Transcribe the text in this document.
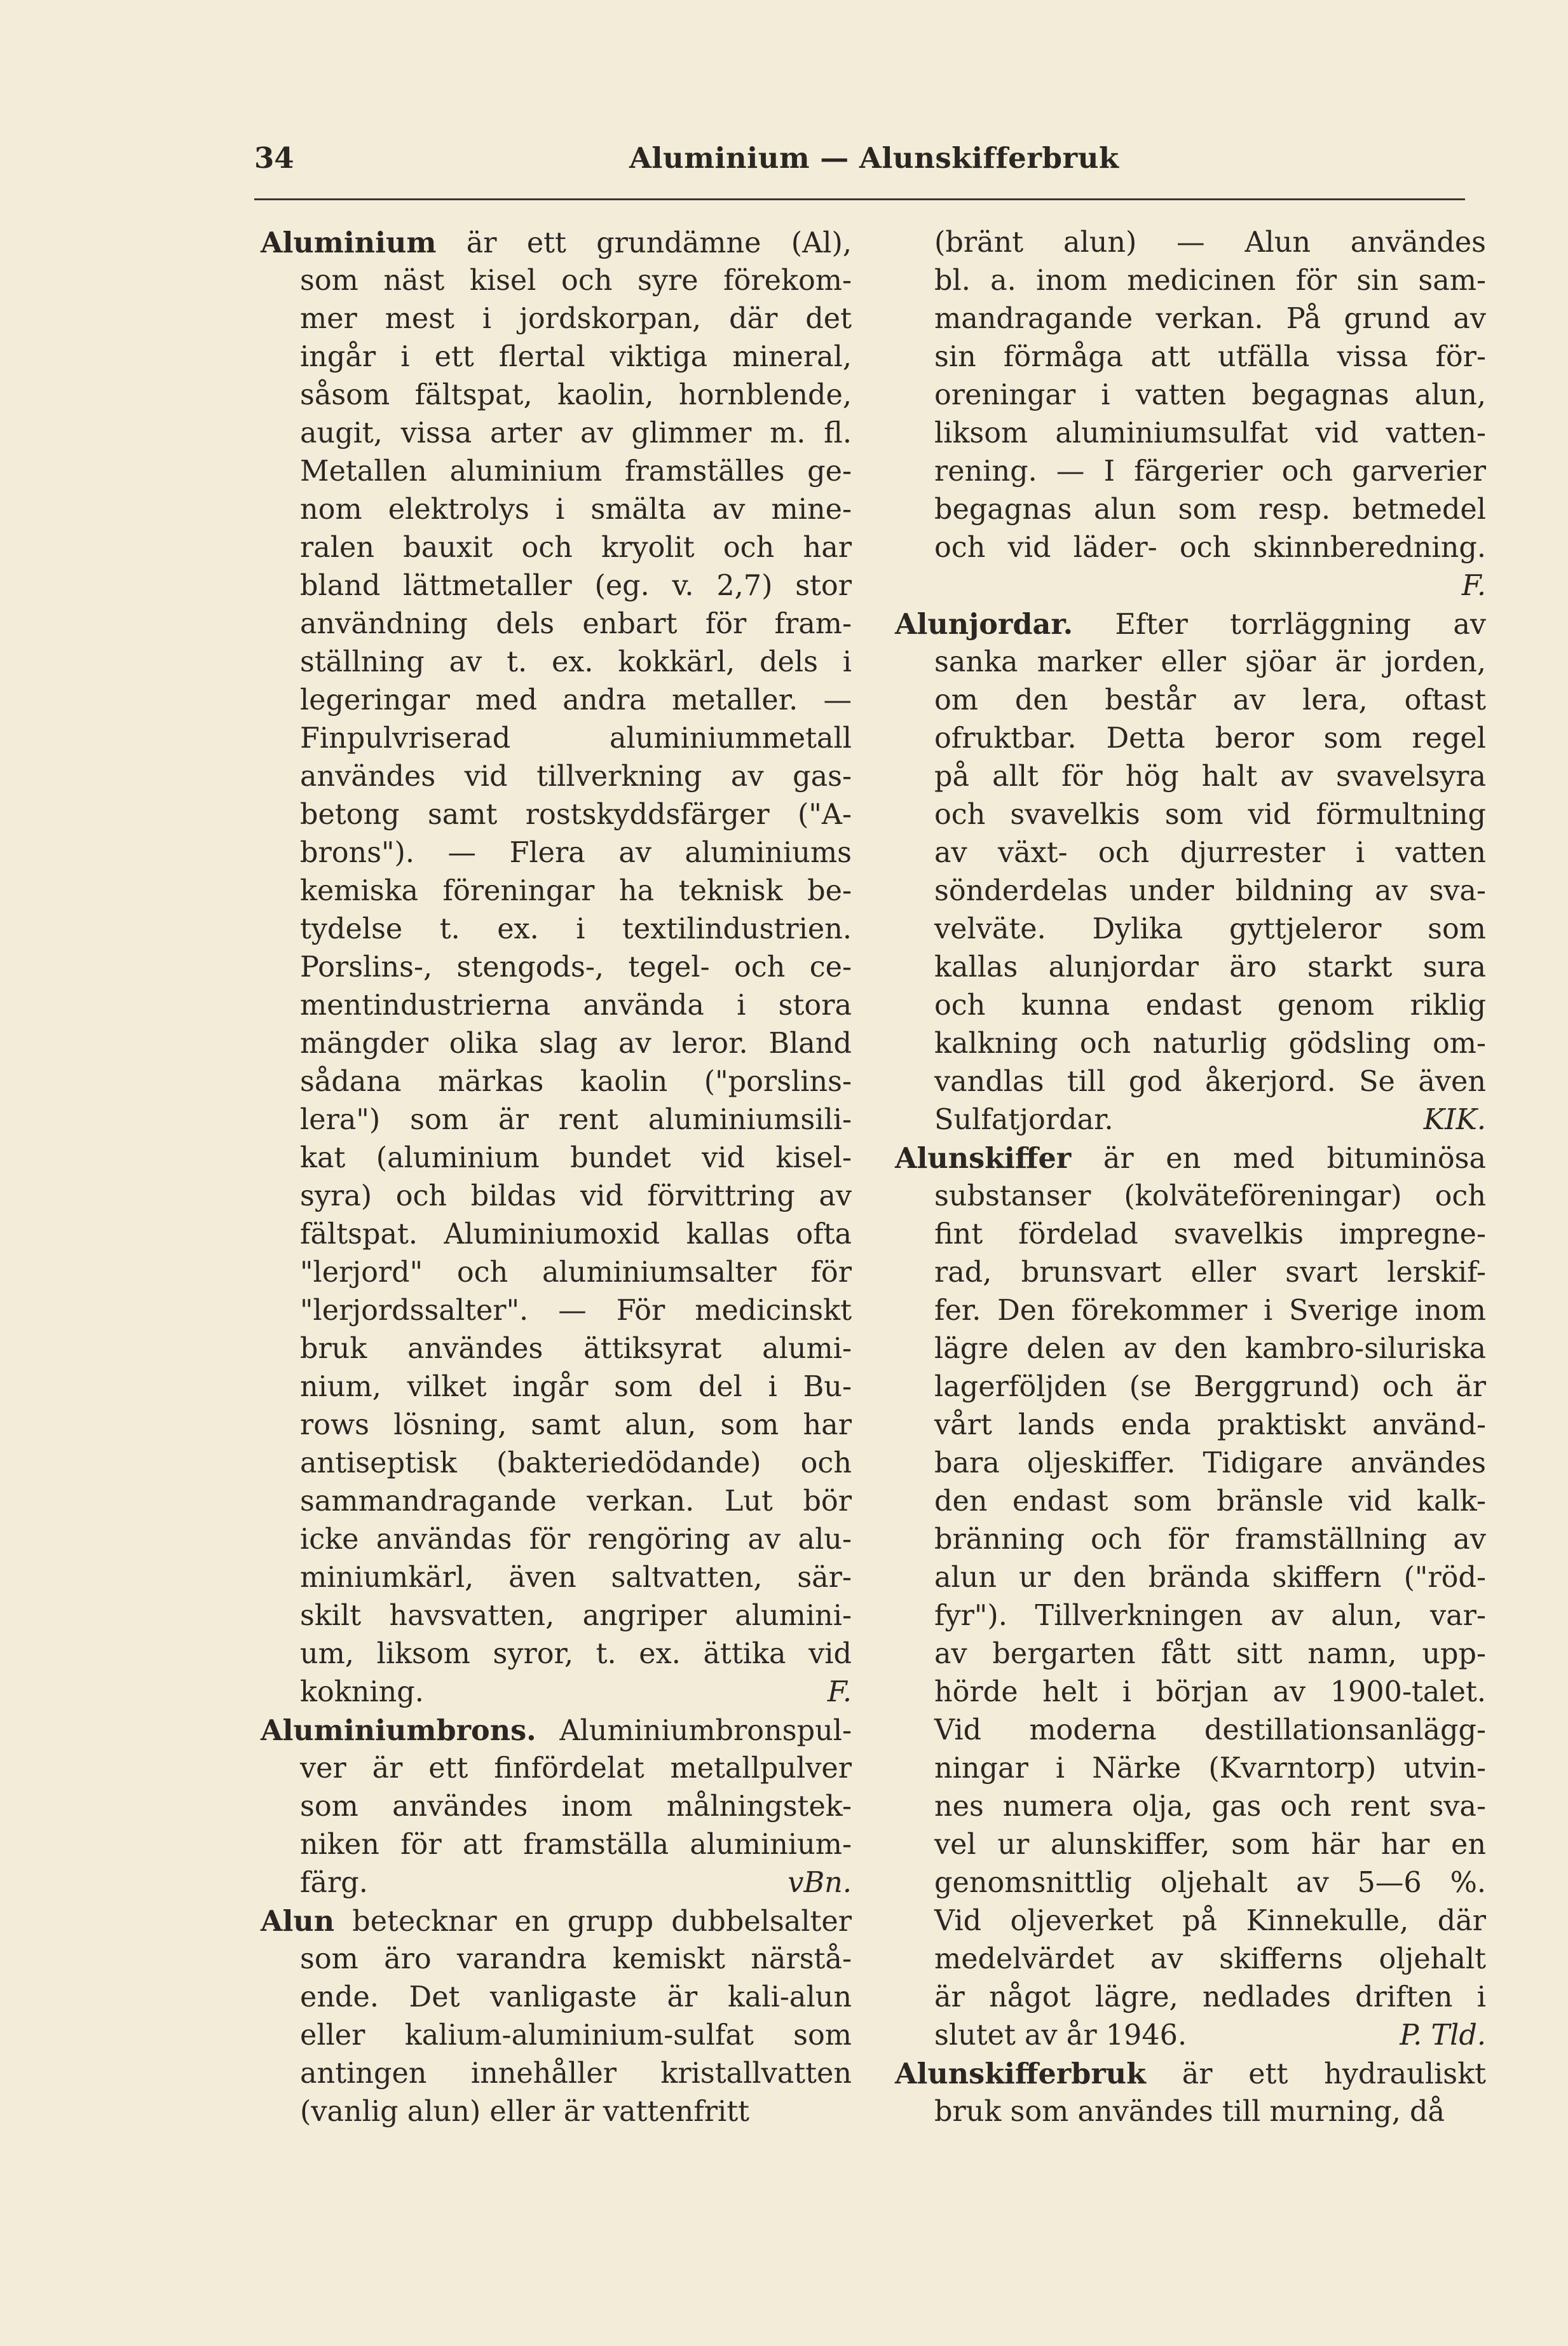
34	Aluminium — Alunskifferbruk
Aluminium är ett grundämne (Al),
som näst kisel och syre förekom-
mer mest i jordskorpan, där det
ingår i ett flertal viktiga mineral,
såsom fältspat, kaolin, hornblende,
augit, vissa arter av glimmer m. fl.
Metallen aluminium framställes ge-
nom elektrolys i smälta av mine-
ralen bauxit och kryolit och har
bland lättmetaller (eg. v. 2,7) stor
användning dels enbart för fram-
ställning av t. ex. kokkärl, dels i
legeringar med andra metaller. —
Finpulvriserad aluminiummetall
användes vid tillverkning av gas-
betong samt rostskyddsfärger ("A-
brons"). — Flera av aluminiums
kemiska föreningar ha teknisk be-
tydelse t. ex. i textilindustrien.
Porslins-, stengods-, tegel- och ce-
mentindustrierna använda i stora
mängder olika slag av leror. Bland
sådana märkas kaolin ("porslins-
lera") som är rent aluminiumsili-
kat (aluminium bundet vid kisel-
syra) och bildas vid förvittring av
fältspat. Aluminiumoxid kallas ofta
"lerjord" och aluminiumsalter för
"lerjordssalter". — För medicinskt
bruk användes ättiksyrat alumi-
nium, vilket ingår som del i Bu-
rows lösning, samt alun, som har
antiseptisk (bakteriedödande) och
sammandragande verkan. Lut bör
icke användas för rengöring av alu-
miniumkärl, även saltvatten, sär-
skilt havsvatten, angriper alumini-
um, liksom syror, t. ex. ättika vid
kokning.	F.
Aluminiumbrons. Aluminiumbronspul-
ver är ett finfördelat metallpulver
som användes inom målningstek-
niken för att framställa aluminium-
färg.	vBn.
Alun betecknar en grupp dubbelsalter
som äro varandra kemiskt närstå-
ende. Det vanligaste är kali-alun
eller kalium-aluminium-sulfat som
antingen innehåller kristallvatten
(vanlig alun) eller är vattenfritt
(bränt alun) — Alun användes
bl. a. inom medicinen för sin sam-
mandragande verkan. På grund av
sin förmåga att utfälla vissa för-
oreningar i vatten begagnas alun,
liksom aluminiumsulfat vid vatten-
rening. — I färgerier och garverier
begagnas alun som resp. betmedel
och vid läder- och skinnberedning.
F.
Alunjordar. Efter torrläggning av
sanka marker eller sjöar är jorden,
om den består av lera, oftast
ofruktbar. Detta beror som regel
på allt för hög halt av svavelsyra
och svavelkis som vid förmultning
av växt- och djurrester i vatten
sönderdelas under bildning av sva-
velväte. Dylika gyttjeleror som
kallas alunjordar äro starkt sura
och kunna endast genom riklig
kalkning och naturlig gödsling om-
vandlas till god åkerjord. Se även
Sulfatjordar.	KIK.
Alunskiffer är en med bituminösa
substanser (kolväteföreningar) och
fint fördelad svavelkis impregne-
rad, brunsvart eller svart lerskif-
fer. Den förekommer i Sverige inom
lägre delen av den kambro-siluriska
lagerföljden (se Berggrund) och är
vårt lands enda praktiskt använd-
bara oljeskiffer. Tidigare användes
den endast som bränsle vid kalk-
bränning och för framställning av
alun ur den brända skiffern ("röd-
fyr"). Tillverkningen av alun, var-
av bergarten fått sitt namn, upp-
hörde helt i början av 1900-talet.
Vid moderna destillationsanlägg-
ningar i Närke (Kvarntorp) utvin-
nes numera olja, gas och rent sva-
vel ur alunskiffer, som här har en
genomsnittlig oljehalt av 5—6 %.
Vid oljeverket på Kinnekulle, där
medelvärdet av skifferns oljehalt
är något lägre, nedlades driften i
slutet av år 1946.	P. Tld.
Alunskifferbruk är ett hydrauliskt
bruk som användes till murning, då
